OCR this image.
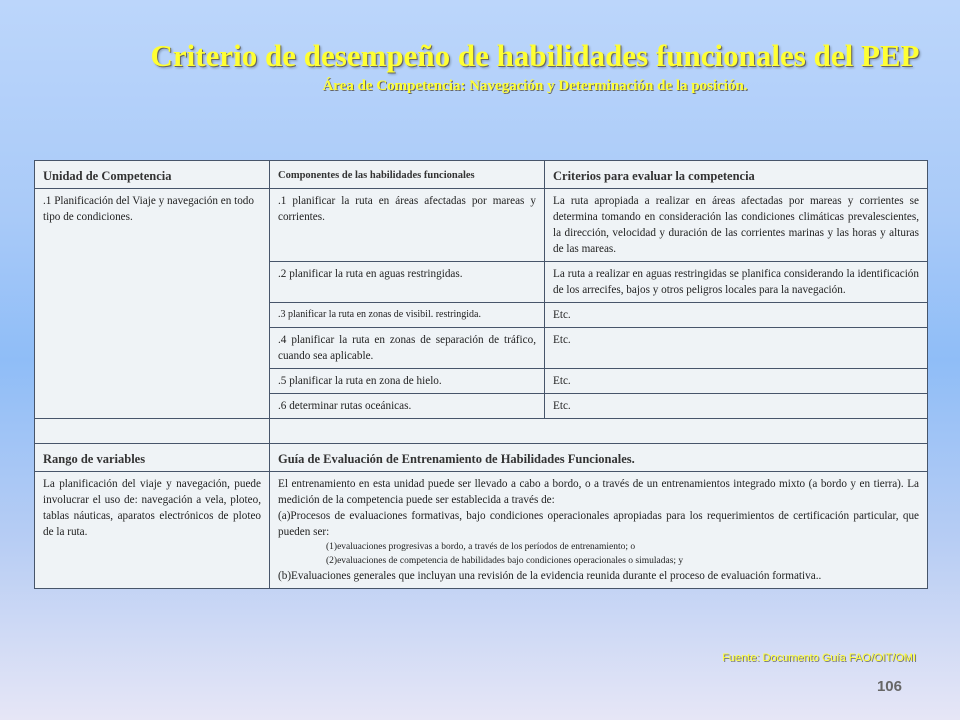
Criterio de desempeño de habilidades funcionales del PEP
Área de Competencia: Navegación y Determinación de la posición.
Unidad de Competencia	Componentes de las habilidades funcionales	Criterios para evaluar la competencia
.1 Planificación del Viaje y navegación en todo tipo de condiciones.	.1 planificar la ruta en áreas afectadas por mareas y corrientes.	La ruta apropiada a realizar en áreas afectadas por mareas y corrientes se determina tomando en consideración las condiciones climáticas prevalescientes, la dirección, velocidad y duración de las corrientes marinas y las horas y alturas de las mareas.
	.2 planificar la ruta en aguas restringidas.	La ruta a realizar en aguas restringidas se planifica considerando la identificación de los arrecifes, bajos y otros peligros locales para la navegación.
	.3 planificar la ruta en zonas de visibil. restringida.	Etc.
	.4 planificar la ruta en zonas de separación de tráfico, cuando sea aplicable.	Etc.
	.5 planificar la ruta en zona de hielo.	Etc.
	.6 determinar rutas oceánicas.	Etc.

Rango de variables	Guía de Evaluación de Entrenamiento de Habilidades Funcionales.	
La planificación del viaje y navegación, puede involucrar el uso de: navegación a vela, ploteo, tablas náuticas, aparatos electrónicos de ploteo de la ruta.	El entrenamiento en esta unidad puede ser llevado a cabo a bordo, o a través de un entrenamientos integrado mixto (a bordo y en tierra). La medición de la competencia puede ser establecida a través de:
(a)Procesos de evaluaciones formativas, bajo condiciones operacionales apropiadas para los requerimientos de certificación particular, que pueden ser:
(1)evaluaciones progresivas a bordo, a través de los períodos de entrenamiento; o
(2)evaluaciones de competencia de habilidades bajo condiciones operacionales o simuladas; y
(b)Evaluaciones generales que incluyan una revisión de la evidencia reunida durante el proceso de evaluación formativa..	
Fuente: Documento Guía FAO/OIT/OMI
106
